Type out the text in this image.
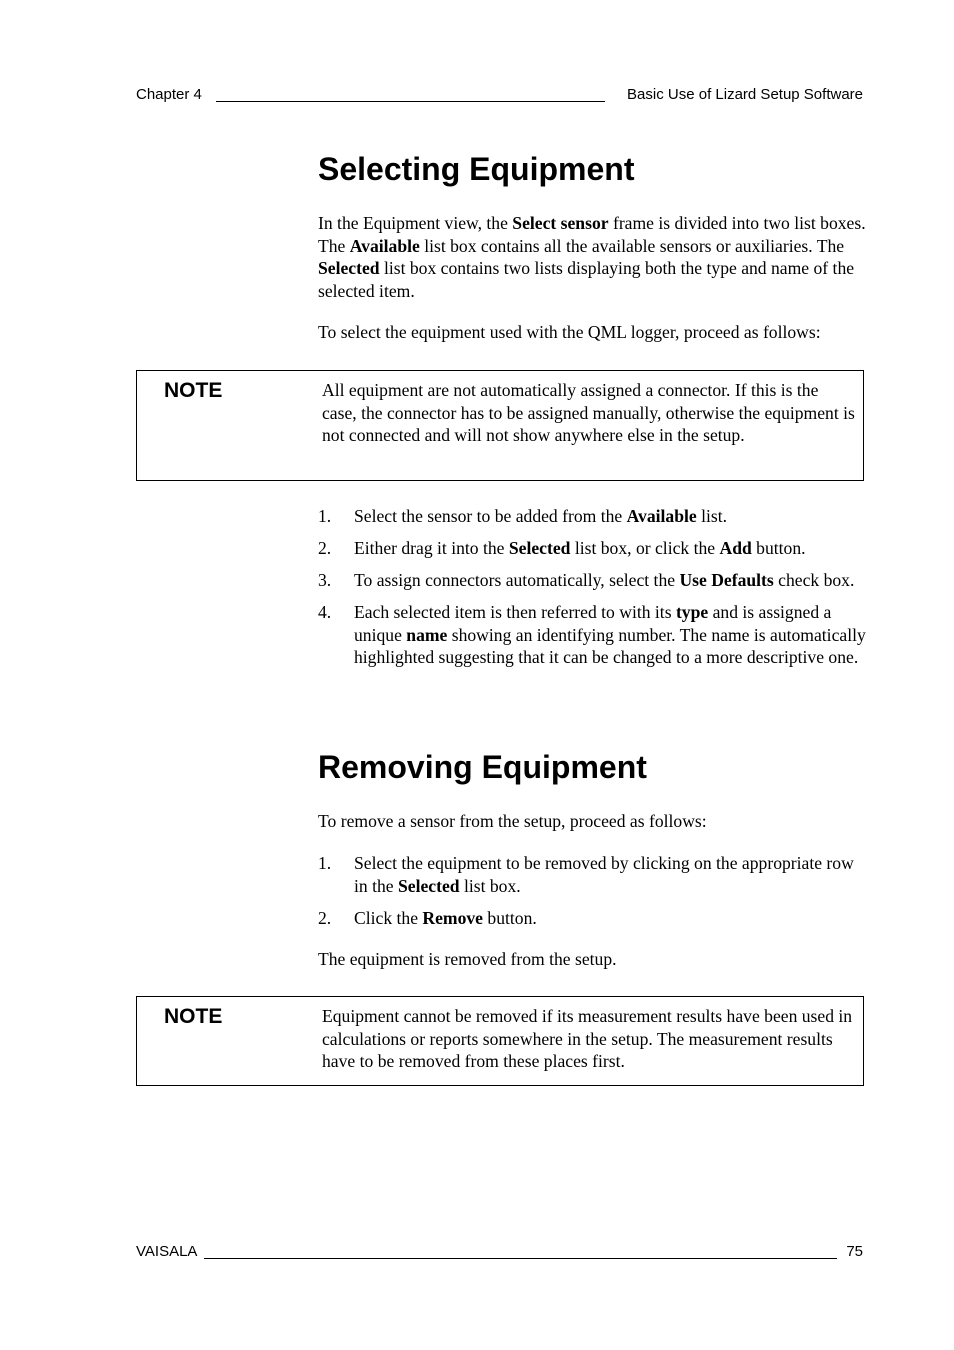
Chapter 4	Basic Use of Lizard Setup Software
Selecting Equipment

In the Equipment view, the Select sensor frame is divided into two list boxes. The Available list box contains all the available sensors or auxiliaries. The Selected list box contains two lists displaying both the type and name of the selected item.

To select the equipment used with the QML logger, proceed as follows:

NOTE	All equipment are not automatically assigned a connector. If this is the case, the connector has to be assigned manually, otherwise the equipment is not connected and will not show anywhere else in the setup.
1. Select the sensor to be added from the Available list.
2. Either drag it into the Selected list box, or click the Add button.
3. To assign connectors automatically, select the Use Defaults check box.
4. Each selected item is then referred to with its type and is assigned a unique name showing an identifying number. The name is automatically highlighted suggesting that it can be changed to a more descriptive one.
Removing Equipment

To remove a sensor from the setup, proceed as follows:

1. Select the equipment to be removed by clicking on the appropriate row in the Selected list box.
2. Click the Remove button.

The equipment is removed from the setup.

NOTE	Equipment cannot be removed if its measurement results have been used in calculations or reports somewhere in the setup. The measurement results have to be removed from these places first.
VAISALA	75
